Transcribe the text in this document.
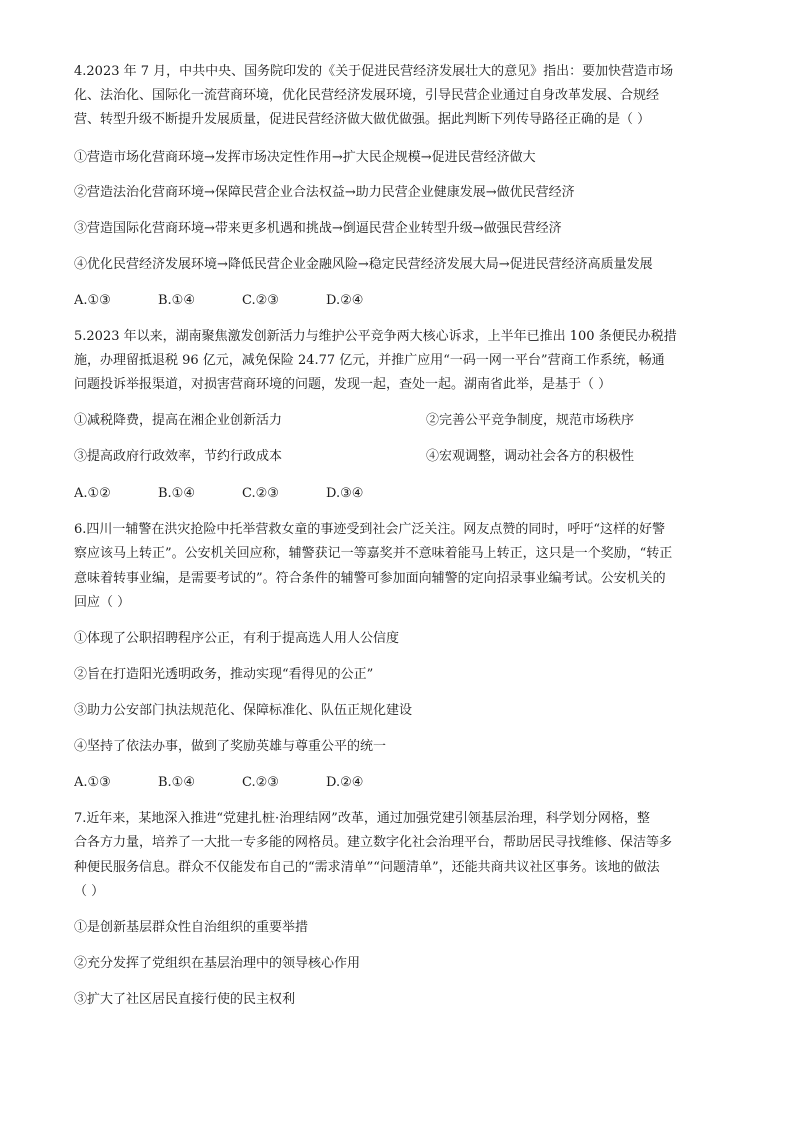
4.2023 年 7 月，中共中央、国务院印发的《关于促进民营经济发展壮大的意见》指出：要加快营造市场
化、法治化、国际化一流营商环境，优化民营经济发展环境，引导民营企业通过自身改革发展、合规经
营、转型升级不断提升发展质量，促进民营经济做大做优做强。据此判断下列传导路径正确的是（ ）
①营造市场化营商环境→发挥市场决定性作用→扩大民企规模→促进民营经济做大
②营造法治化营商环境→保障民营企业合法权益→助力民营企业健康发展→做优民营经济
③营造国际化营商环境→带来更多机遇和挑战→倒逼民营企业转型升级→做强民营经济
④优化民营经济发展环境→降低民营企业金融风险→稳定民营经济发展大局→促进民营经济高质量发展
A.①③	B.①④	C.②③	D.②④
5.2023 年以来，湖南聚焦激发创新活力与维护公平竞争两大核心诉求，上半年已推出 100 条便民办税措
施，办理留抵退税 96 亿元，减免保险 24.77 亿元，并推广应用“一码一网一平台”营商工作系统，畅通
问题投诉举报渠道，对损害营商环境的问题，发现一起，查处一起。湖南省此举，是基于（ ）
①减税降费，提高在湘企业创新活力	②完善公平竞争制度，规范市场秩序
③提高政府行政效率，节约行政成本	④宏观调整，调动社会各方的积极性
A.①②	B.①④	C.②③	D.③④
6.四川一辅警在洪灾抢险中托举营救女童的事迹受到社会广泛关注。网友点赞的同时，呼吁“这样的好警
察应该马上转正”。公安机关回应称，辅警获记一等嘉奖并不意味着能马上转正，这只是一个奖励，“转正
意味着转事业编，是需要考试的”。符合条件的辅警可参加面向辅警的定向招录事业编考试。公安机关的
回应（ ）
①体现了公职招聘程序公正，有利于提高选人用人公信度
②旨在打造阳光透明政务，推动实现“看得见的公正”
③助力公安部门执法规范化、保障标准化、队伍正规化建设
④坚持了依法办事，做到了奖励英雄与尊重公平的统一
A.①③	B.①④	C.②③	D.②④
7.近年来，某地深入推进“党建扎桩·治理结网”改革，通过加强党建引领基层治理，科学划分网格，整
合各方力量，培养了一大批一专多能的网格员。建立数字化社会治理平台，帮助居民寻找维修、保洁等多
种便民服务信息。群众不仅能发布自己的“需求清单”“问题清单”，还能共商共议社区事务。该地的做法
（ ）
①是创新基层群众性自治组织的重要举措
②充分发挥了党组织在基层治理中的领导核心作用
③扩大了社区居民直接行使的民主权利
